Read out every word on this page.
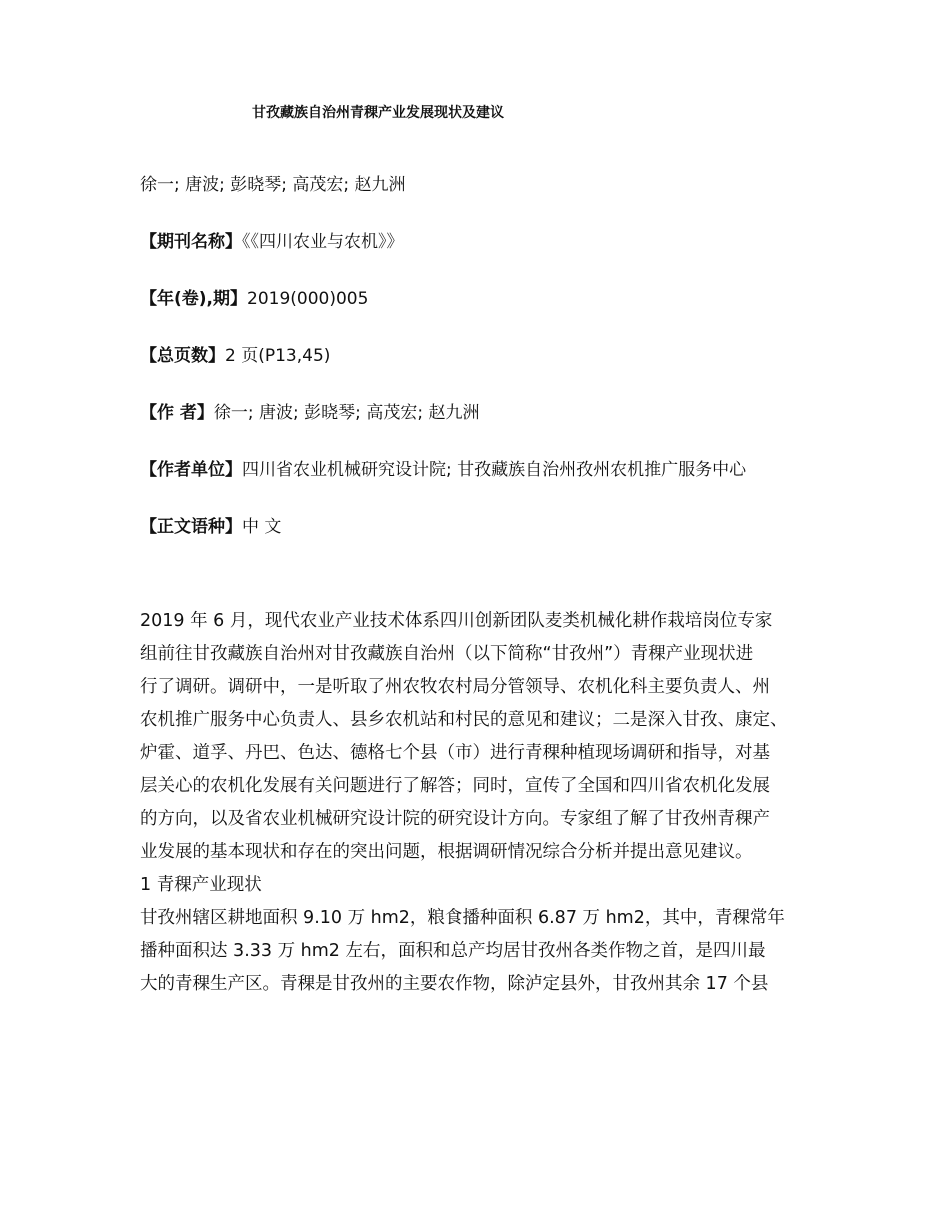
甘孜藏族自治州青稞产业发展现状及建议
徐一; 唐波; 彭晓琴; 高茂宏; 赵九洲
【期刊名称】《《四川农业与农机》》
【年(卷),期】2019(000)005
【总页数】2 页(P13,45)
【作 者】徐一; 唐波; 彭晓琴; 高茂宏; 赵九洲
【作者单位】四川省农业机械研究设计院; 甘孜藏族自治州孜州农机推广服务中心
【正文语种】中 文
2019 年 6 月，现代农业产业技术体系四川创新团队麦类机械化耕作栽培岗位专家
组前往甘孜藏族自治州对甘孜藏族自治州（以下简称“甘孜州”）青稞产业现状进
行了调研。调研中，一是听取了州农牧农村局分管领导、农机化科主要负责人、州
农机推广服务中心负责人、县乡农机站和村民的意见和建议；二是深入甘孜、康定、
炉霍、道孚、丹巴、色达、德格七个县（市）进行青稞种植现场调研和指导，对基
层关心的农机化发展有关问题进行了解答；同时，宣传了全国和四川省农机化发展
的方向，以及省农业机械研究设计院的研究设计方向。专家组了解了甘孜州青稞产
业发展的基本现状和存在的突出问题，根据调研情况综合分析并提出意见建议。
1 青稞产业现状
甘孜州辖区耕地面积 9.10 万 hm2，粮食播种面积 6.87 万 hm2，其中，青稞常年
播种面积达 3.33 万 hm2 左右，面积和总产均居甘孜州各类作物之首，是四川最
大的青稞生产区。青稞是甘孜州的主要农作物，除泸定县外，甘孜州其余 17 个县
